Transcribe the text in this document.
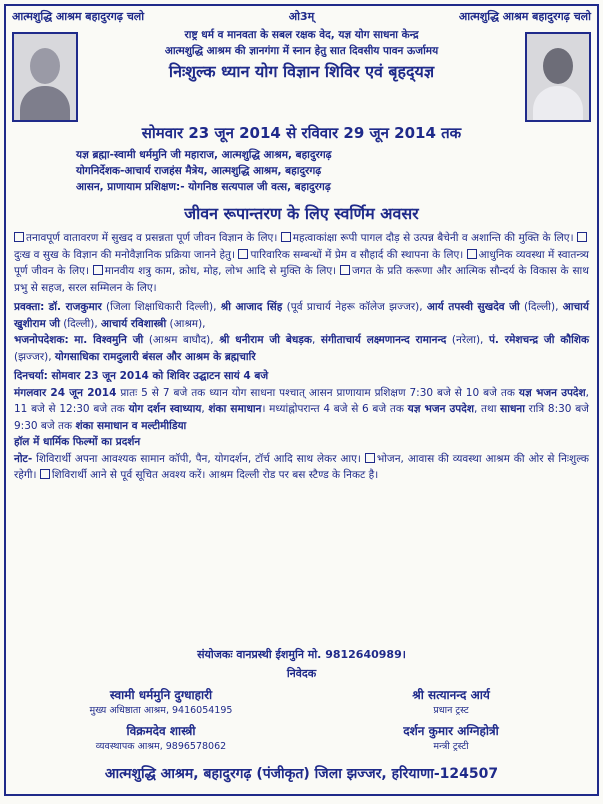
आत्मशुद्धि आश्रम बहादुरगढ़ चलो	ओ3म्	आत्मशुद्धि आश्रम बहादुरगढ़ चलो
राष्ट्र धर्म व मानवता के सबल रक्षक वेद, यज्ञ योग साधना केन्द्र
आत्मशुद्धि आश्रम की ज्ञानगंगा में स्नान हेतु सात दिवसीय पावन ऊर्जामय
निःशुल्क ध्यान योग विज्ञान शिविर एवं बृहद्‌यज्ञ
सोमवार 23 जून 2014 से रविवार 29 जून 2014 तक
यज्ञ ब्रह्मा-स्वामी धर्ममुनि जी महाराज, आत्मशुद्धि आश्रम, बहादुरगढ़
योगनिर्देशक-आचार्य राजहंस मैत्रेय, आत्मशुद्धि आश्रम, बहादुरगढ़
आसन, प्राणायाम प्रशिक्षण:- योगनिष्ठ सत्यपाल जी वत्स, बहादुरगढ़
जीवन रूपान्तरण के लिए स्वर्णिम अवसर
तनावपूर्ण वातावरण में सुखद व प्रसन्नता पूर्ण जीवन विज्ञान के लिए। महत्वाकांक्षा रूपी पागल दौड़ से उत्पन्न बैचेनी व अशान्ति की मुक्ति के लिए। दुःख व सुख के विज्ञान की मनोवैज्ञानिक प्रक्रिया जानने हेतु। पारिवारिक सम्बन्धों में प्रेम व सौहार्द की स्थापना के लिए। आधुनिक व्यवस्था में स्वातन्त्र्य पूर्ण जीवन के लिए। मानवीय शत्रु काम, क्रोध, मोह, लोभ आदि से मुक्ति के लिए। जगत के प्रति करूणा और आत्मिक सौन्दर्य के विकास के साथ प्रभु से सहज, सरल सम्मिलन के लिए।
प्रवक्ता: डॉ. राजकुमार (जिला शिक्षाधिकारी दिल्ली), श्री आजाद सिंह (पूर्व प्राचार्य नेहरू कॉलेज झज्जर), आर्य तपस्वी सुखदेव जी (दिल्ली), आचार्य खुशीराम जी (दिल्ली), आचार्य रविशास्त्री (आश्रम),
भजनोपदेशक: मा. विश्वमुनि जी (आश्रम बाघौद), श्री धनीराम जी बेधड़क, संगीताचार्य लक्ष्मणानन्द रामानन्द (नरेला), पं. रमेशचन्द्र जी कौशिक (झज्जर), योगसाधिका रामदुलारी बंसल और आश्रम के ब्रह्मचारि
दिनचर्या: सोमवार 23 जून 2014 को शिविर उद्घाटन सायं 4 बजे
मंगलवार 24 जून 2014 प्रातः 5 से 7 बजे तक ध्यान योग साधना पश्चात् आसन प्राणायाम प्रशिक्षण 7:30 बजे से 10 बजे तक यज्ञ भजन उपदेश, 11 बजे से 12:30 बजे तक योग दर्शन स्वाध्याय, शंका समाधान। मध्यांह्नोपरान्त 4 बजे से 6 बजे तक यज्ञ भजन उपदेश, तथा साधना रात्रि 8:30 बजे 9:30 बजे तक शंका समाधान व मल्टीमीडिया
हॉल में धार्मिक फिल्मों का प्रदर्शन
नोट- शिविरार्थी अपना आवश्यक सामान कॉपी, पैन, योगदर्शन, टॉर्च आदि साथ लेकर आए। भोजन, आवास की व्यवस्था आश्रम की ओर से निःशुल्क रहेगी। शिविरार्थी आने से पूर्व सूचित अवश्य करें। आश्रम दिल्ली रोड पर बस स्टैण्ड के निकट है।
संयोजकः वानप्रस्थी ईशमुनि मो. 9812640989।
निवेदक
स्वामी धर्ममुनि दुग्धाहारी
मुख्य अधिष्ठाता आश्रम, 9416054195
श्री सत्यानन्द आर्य
प्रधान ट्रस्ट
विक्रमदेव शास्त्री
व्यवस्थापक आश्रम, 9896578062
दर्शन कुमार अग्निहोत्री
मन्त्री ट्रस्टी
आत्मशुद्धि आश्रम, बहादुरगढ़ (पंजीकृत) जिला झज्जर, हरियाणा-124507
